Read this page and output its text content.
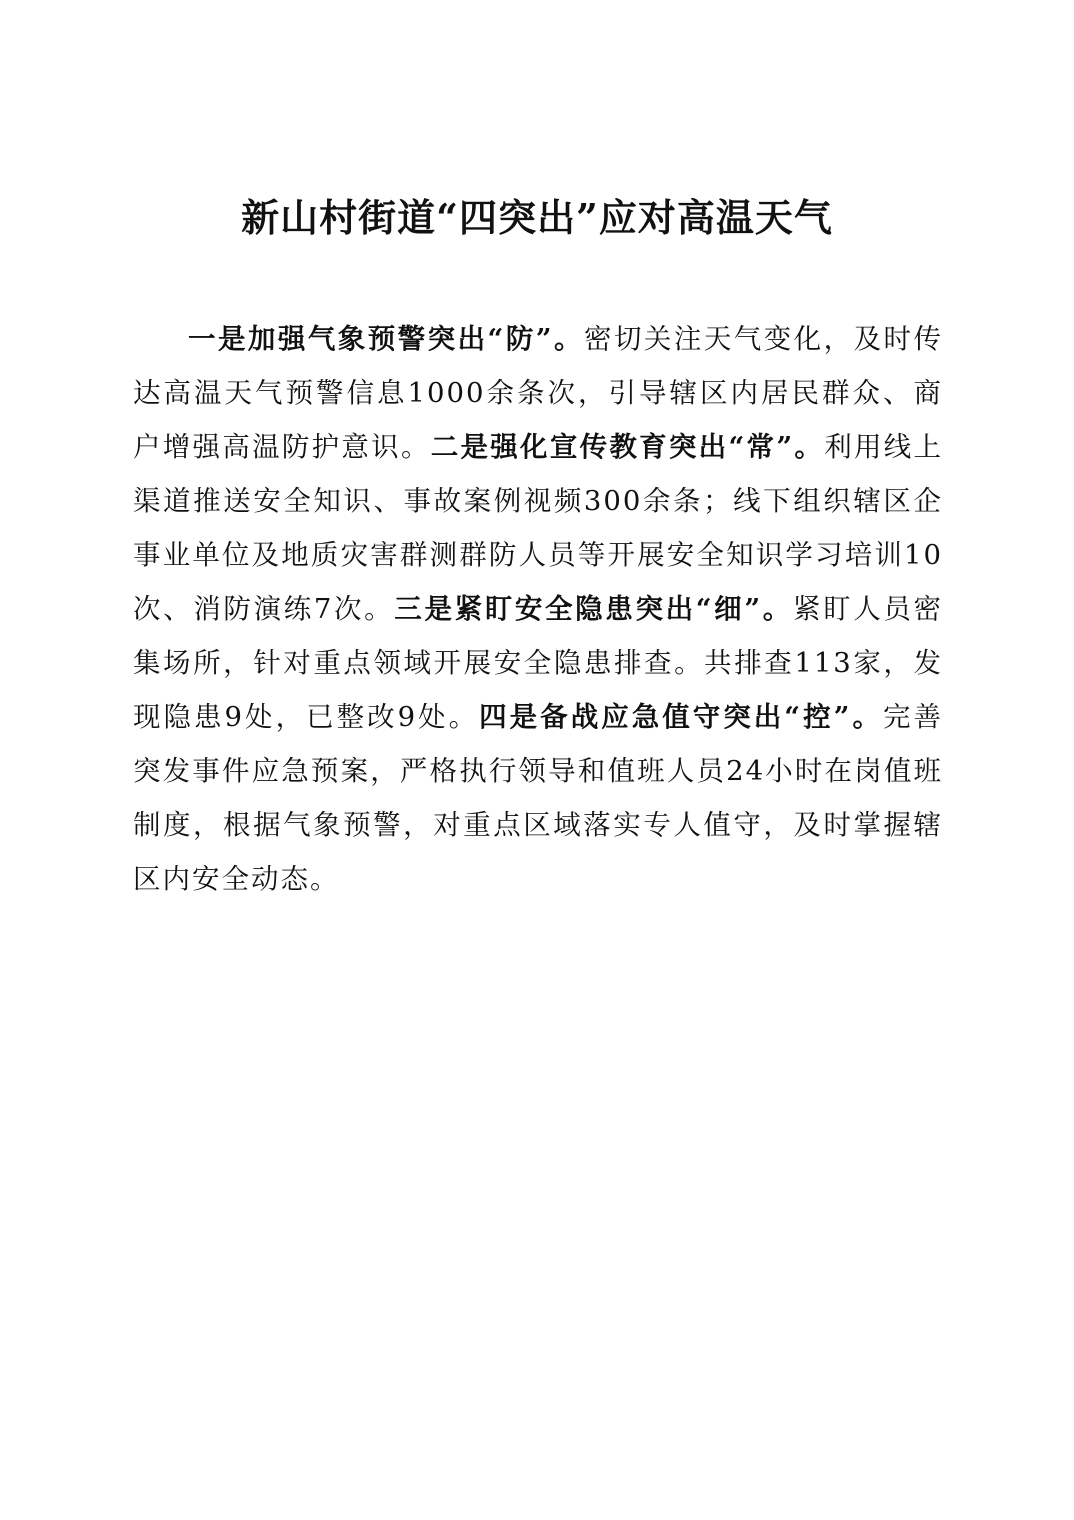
新山村街道“四突出”应对高温天气

一是加强气象预警突出“防”。密切关注天气变化，及时传达高温天气预警信息1000余条次，引导辖区内居民群众、商户增强高温防护意识。二是强化宣传教育突出“常”。利用线上渠道推送安全知识、事故案例视频300余条；线下组织辖区企事业单位及地质灾害群测群防人员等开展安全知识学习培训10次、消防演练7次。三是紧盯安全隐患突出“细”。紧盯人员密集场所，针对重点领域开展安全隐患排查。共排查113家，发现隐患9处，已整改9处。四是备战应急值守突出“控”。完善突发事件应急预案，严格执行领导和值班人员24小时在岗值班制度，根据气象预警，对重点区域落实专人值守，及时掌握辖区内安全动态。
